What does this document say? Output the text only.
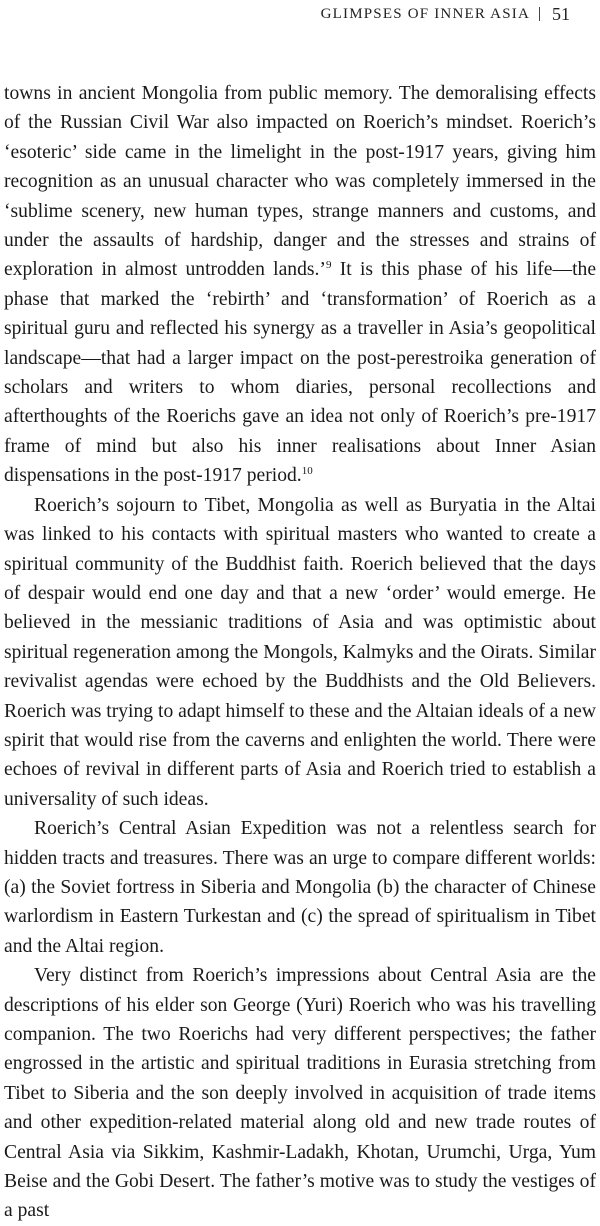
GLIMPSES OF INNER ASIA 51

towns in ancient Mongolia from public memory. The demoralising effects of the Russian Civil War also impacted on Roerich’s mindset. Roerich’s ‘esoteric’ side came in the limelight in the post-1917 years, giving him recognition as an unusual character who was completely immersed in the ‘sublime scenery, new human types, strange manners and customs, and under the assaults of hardship, danger and the stresses and strains of exploration in almost untrodden lands.’$^9$ It is this phase of his life—the phase that marked the ‘rebirth’ and ‘transformation’ of Roerich as a spiritual guru and reflected his synergy as a traveller in Asia’s geopolitical landscape—that had a larger impact on the post-perestroika generation of scholars and writers to whom diaries, personal recollections and afterthoughts of the Roerichs gave an idea not only of Roerich’s pre-1917 frame of mind but also his inner realisations about Inner Asian dispensations in the post-1917 period.$^{10}$

Roerich’s sojourn to Tibet, Mongolia as well as Buryatia in the Altai was linked to his contacts with spiritual masters who wanted to create a spiritual community of the Buddhist faith. Roerich believed that the days of despair would end one day and that a new ‘order’ would emerge. He believed in the messianic traditions of Asia and was optimistic about spiritual regeneration among the Mongols, Kalmyks and the Oirats. Similar revivalist agendas were echoed by the Buddhists and the Old Believers. Roerich was trying to adapt himself to these and the Altaian ideals of a new spirit that would rise from the caverns and enlighten the world. There were echoes of revival in different parts of Asia and Roerich tried to establish a universality of such ideas.

Roerich’s Central Asian Expedition was not a relentless search for hidden tracts and treasures. There was an urge to compare different worlds: (a) the Soviet fortress in Siberia and Mongolia (b) the character of Chinese warlordism in Eastern Turkestan and (c) the spread of spiritualism in Tibet and the Altai region.

Very distinct from Roerich’s impressions about Central Asia are the descriptions of his elder son George (Yuri) Roerich who was his travelling companion. The two Roerichs had very different perspectives; the father engrossed in the artistic and spiritual traditions in Eurasia stretching from Tibet to Siberia and the son deeply involved in acquisition of trade items and other expedition-related material along old and new trade routes of Central Asia via Sikkim, Kashmir-Ladakh, Khotan, Urumchi, Urga, Yum Beise and the Gobi Desert. The father’s motive was to study the vestiges of a past
